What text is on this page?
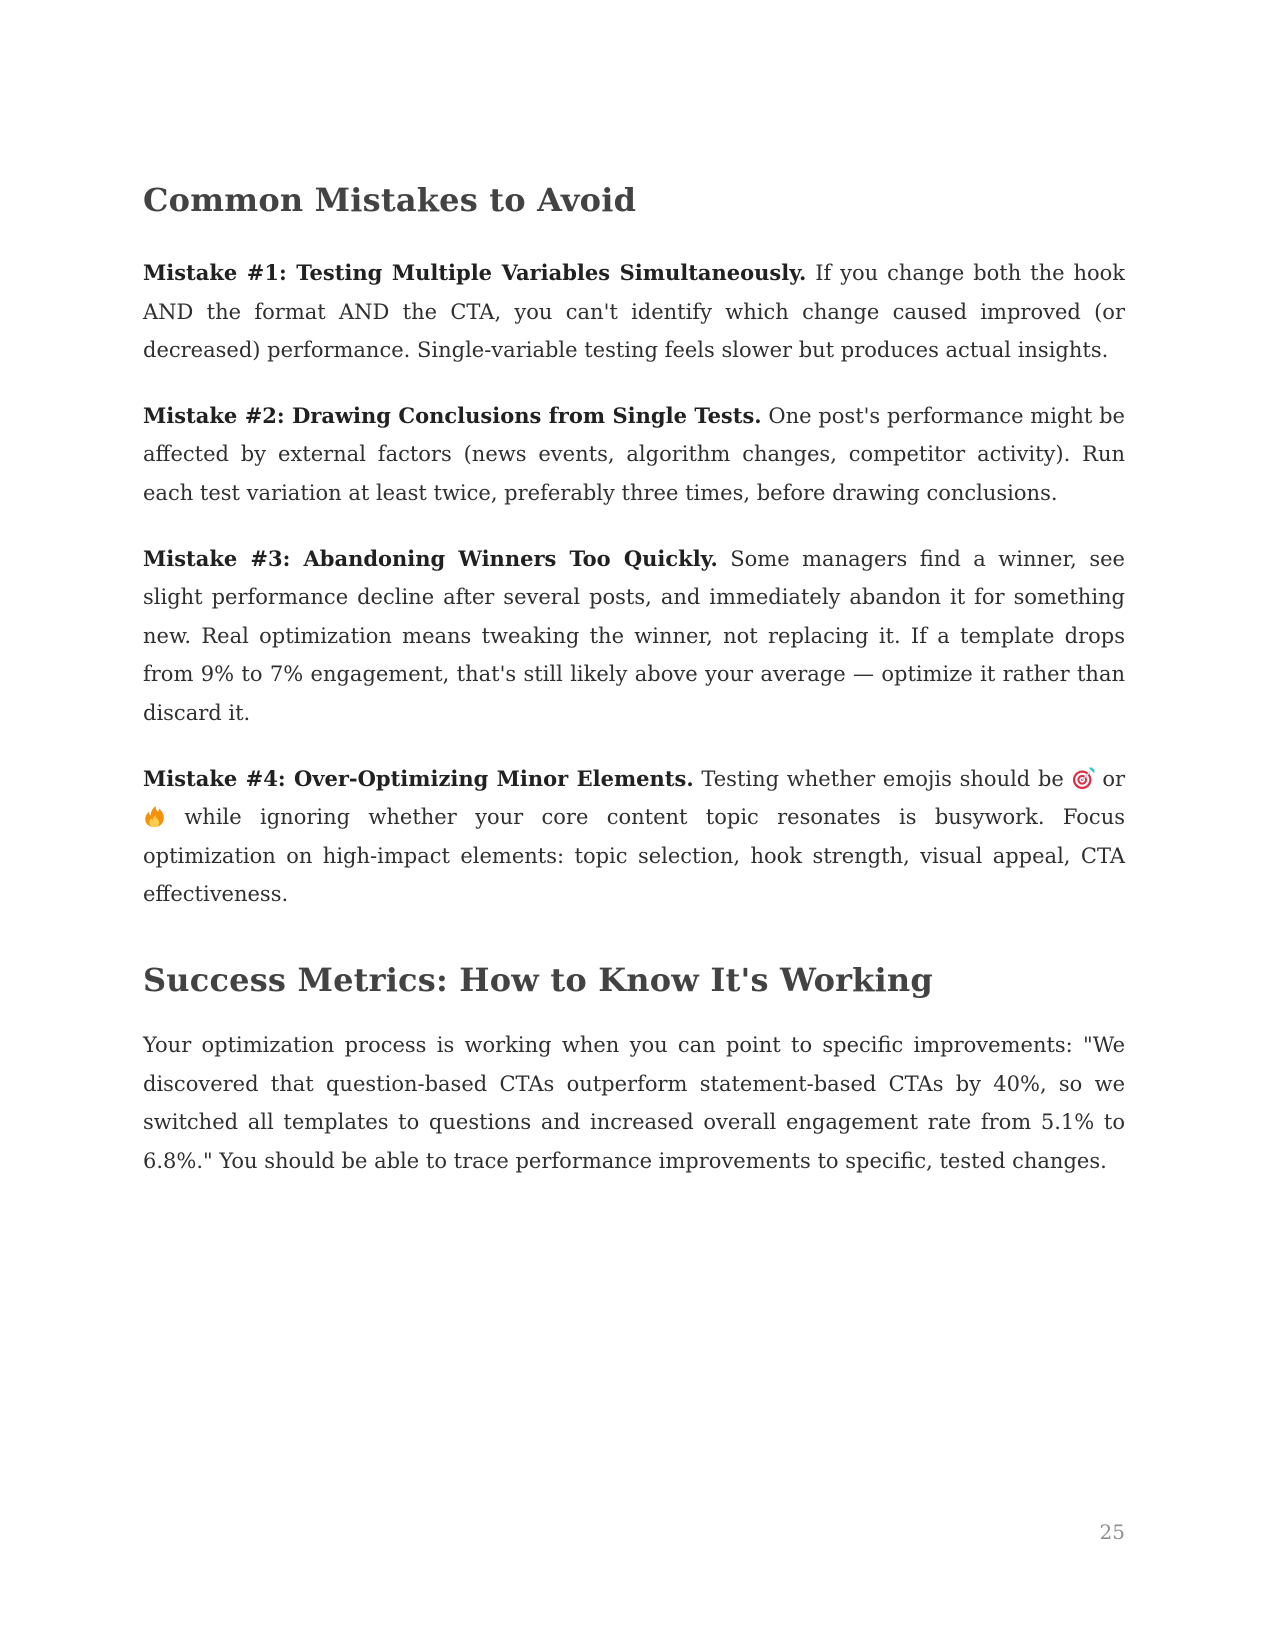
Common Mistakes to Avoid

Mistake #1: Testing Multiple Variables Simultaneously. If you change both the hook AND the format AND the CTA, you can't identify which change caused improved (or decreased) performance. Single-variable testing feels slower but produces actual insights.

Mistake #2: Drawing Conclusions from Single Tests. One post's performance might be affected by external factors (news events, algorithm changes, competitor activity). Run each test variation at least twice, preferably three times, before drawing conclusions.

Mistake #3: Abandoning Winners Too Quickly. Some managers find a winner, see slight performance decline after several posts, and immediately abandon it for something new. Real optimization means tweaking the winner, not replacing it. If a template drops from 9% to 7% engagement, that's still likely above your average — optimize it rather than discard it.

Mistake #4: Over-Optimizing Minor Elements. Testing whether emojis should be  or  while ignoring whether your core content topic resonates is busywork. Focus optimization on high-impact elements: topic selection, hook strength, visual appeal, CTA effectiveness.

Success Metrics: How to Know It's Working

Your optimization process is working when you can point to specific improvements: "We discovered that question-based CTAs outperform statement-based CTAs by 40%, so we switched all templates to questions and increased overall engagement rate from 5.1% to 6.8%." You should be able to trace performance improvements to specific, tested changes.

25
